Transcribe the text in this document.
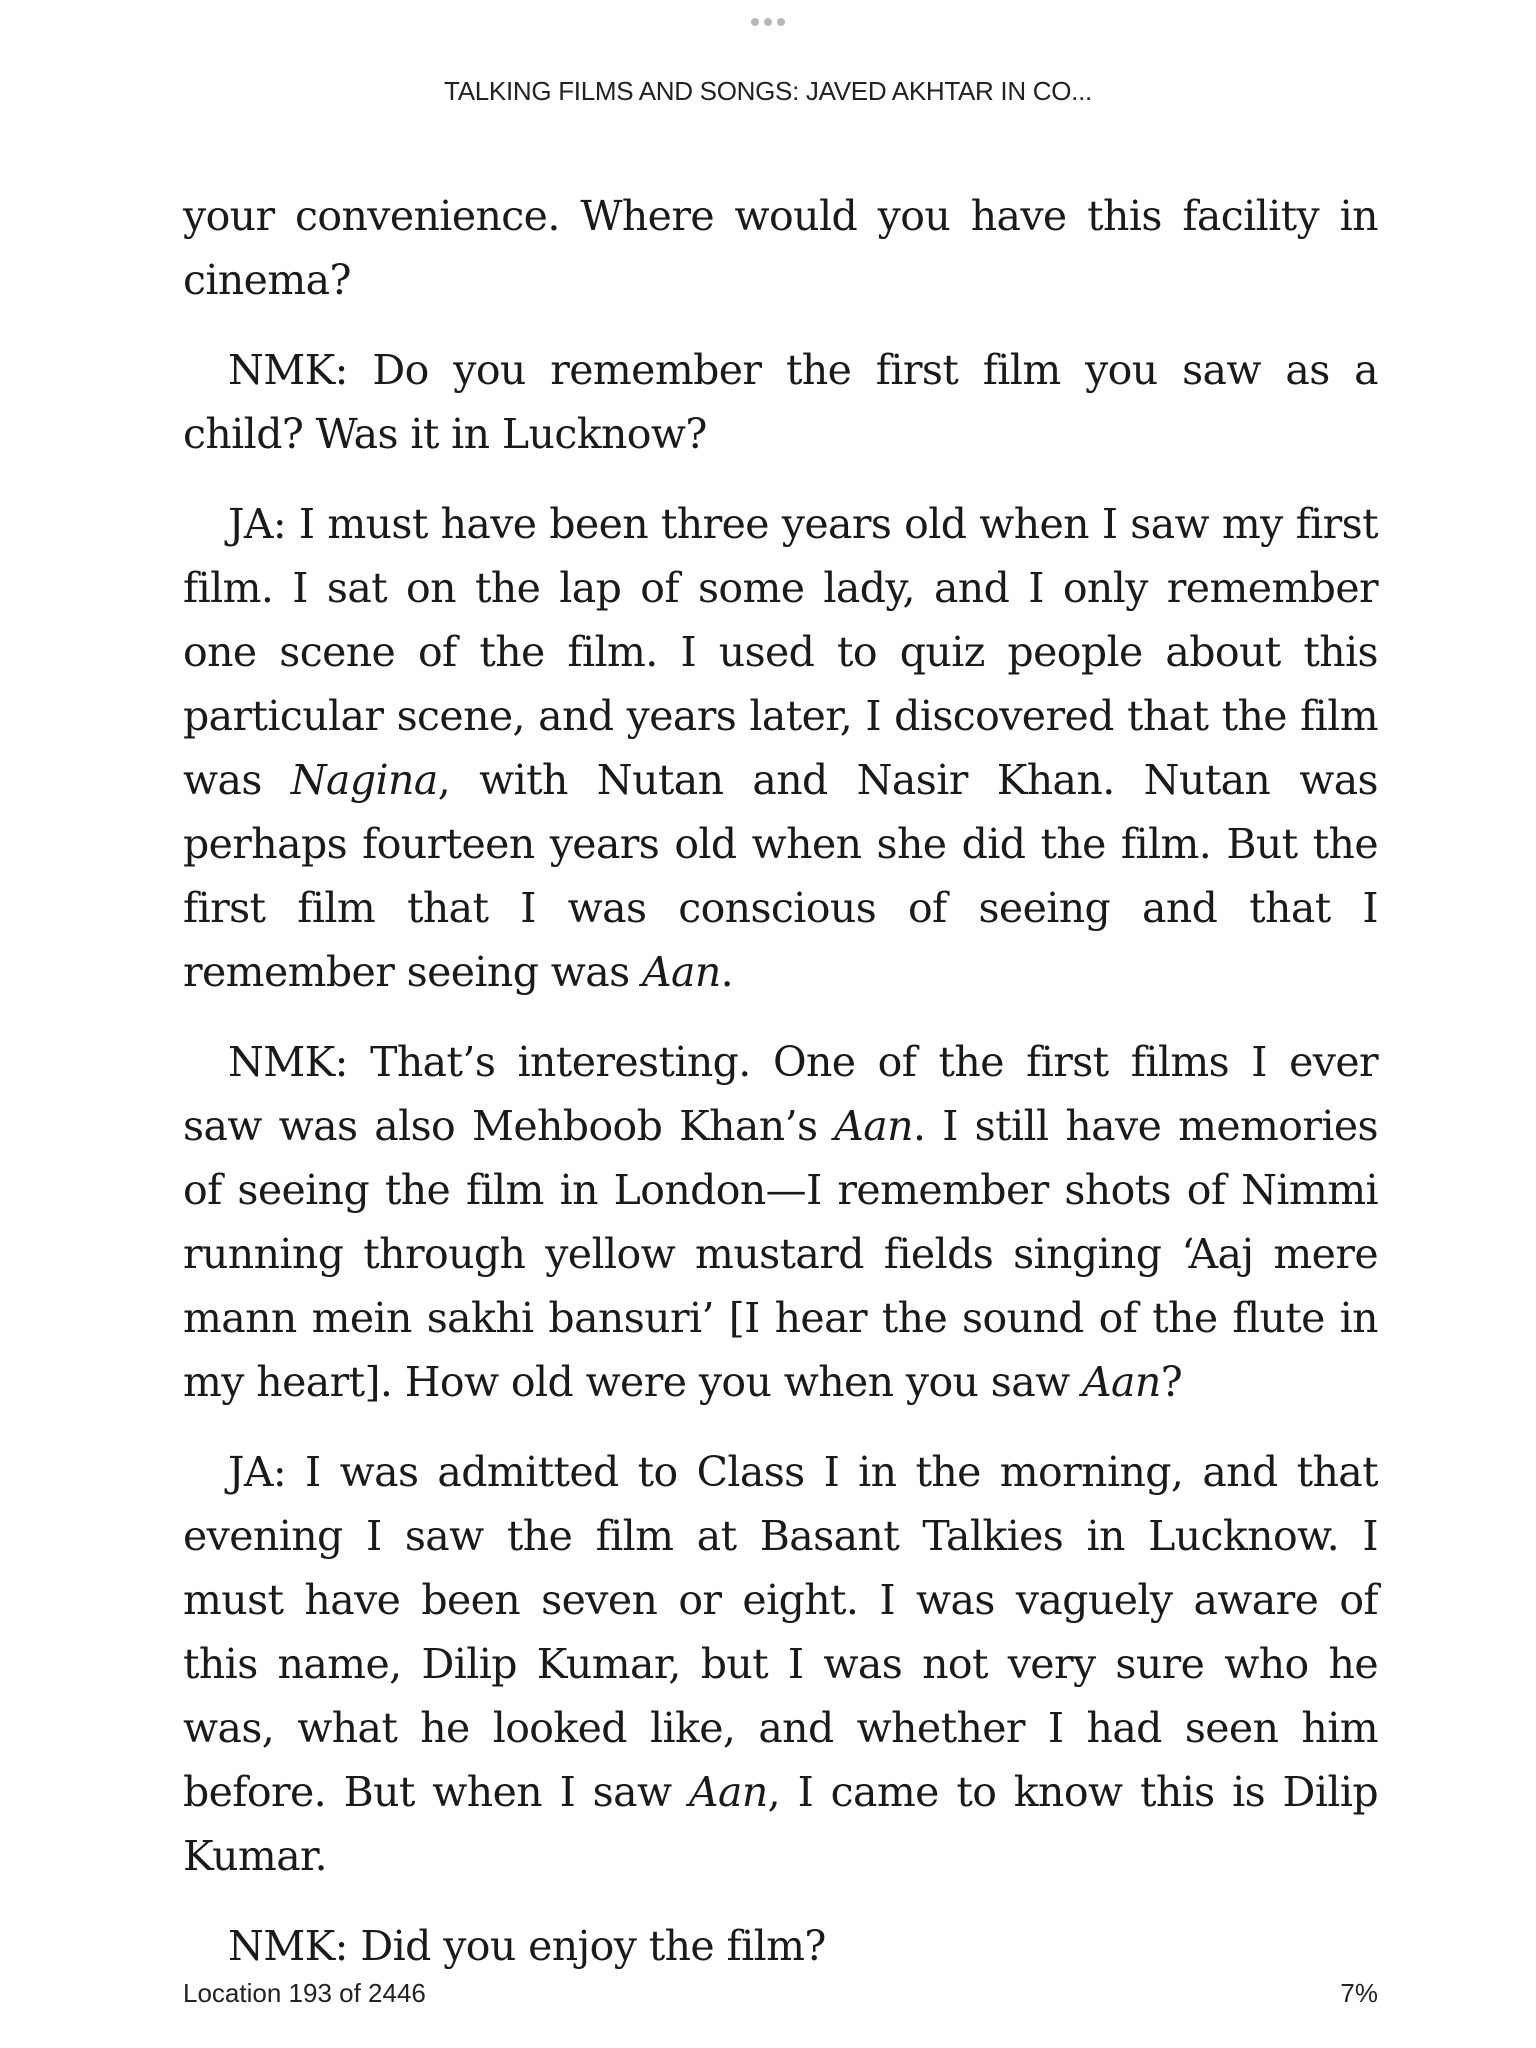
TALKING FILMS AND SONGS: JAVED AKHTAR IN CO...

your convenience. Where would you have this facility in cinema?

NMK: Do you remember the first film you saw as a child? Was it in Lucknow?

JA: I must have been three years old when I saw my first film. I sat on the lap of some lady, and I only remember one scene of the film. I used to quiz people about this particular scene, and years later, I discovered that the film was Nagina, with Nutan and Nasir Khan. Nutan was perhaps fourteen years old when she did the film. But the first film that I was conscious of seeing and that I remember seeing was Aan.

NMK: That’s interesting. One of the first films I ever saw was also Mehboob Khan’s Aan. I still have memories of seeing the film in London—I remember shots of Nimmi running through yellow mustard fields singing ‘Aaj mere mann mein sakhi bansuri’ [I hear the sound of the flute in my heart]. How old were you when you saw Aan?

JA: I was admitted to Class I in the morning, and that evening I saw the film at Basant Talkies in Lucknow. I must have been seven or eight. I was vaguely aware of this name, Dilip Kumar, but I was not very sure who he was, what he looked like, and whether I had seen him before. But when I saw Aan, I came to know this is Dilip Kumar.

NMK: Did you enjoy the film?

Location 193 of 2446	7%
